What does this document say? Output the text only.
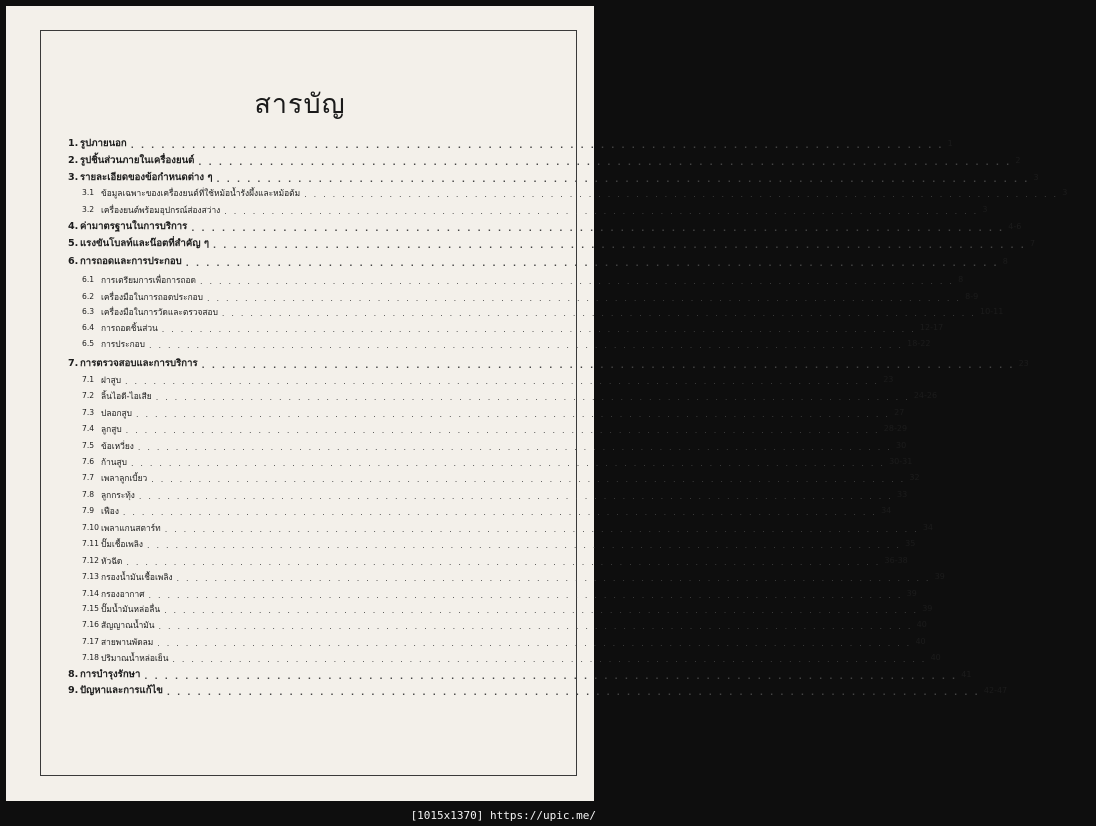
สารบัญ
1. รูปภายนอก . . . . . . . . . . . . . . . . . . . . . . . . . . . . . . . . . . . . . . . . . . . . . . . . . . . . . . . . . . . . . . . . . . . . . . . . . . . . . . . . 1
2. รูปชิ้นส่วนภายในเครื่องยนต์ . . . . . . . . . . . . . . . . . . . . . . . . . . . . . . . . . . . . . . . . . . . . . . . . . . . . . . . . . . . . . . . . . . . . . . . . . . . . . . . . 2
3. รายละเอียดของข้อกำหนดต่าง ๆ . . . . . . . . . . . . . . . . . . . . . . . . . . . . . . . . . . . . . . . . . . . . . . . . . . . . . . . . . . . . . . . . . . . . . . . . . . . . . . . . 3
3.1 ข้อมูลเฉพาะของเครื่องยนต์ที่ใช้หม้อน้ำรังผึ้งและหม้อต้ม . . . . . . . . . . . . . . . . . . . . . . . . . . . . . . . . . . . . . . . . . . . . . . . . . . . . . . . . . . . . . . . . . . . . . . . . . . . . . . . . 3
3.2 เครื่องยนต์พร้อมอุปกรณ์ส่องสว่าง . . . . . . . . . . . . . . . . . . . . . . . . . . . . . . . . . . . . . . . . . . . . . . . . . . . . . . . . . . . . . . . . . . . . . . . . . . . . . . . . 3
4. ค่ามาตรฐานในการบริการ . . . . . . . . . . . . . . . . . . . . . . . . . . . . . . . . . . . . . . . . . . . . . . . . . . . . . . . . . . . . . . . . . . . . . . . . . . . . . . . . 4-6
5. แรงขันโบลท์และน๊อตที่สำคัญ ๆ . . . . . . . . . . . . . . . . . . . . . . . . . . . . . . . . . . . . . . . . . . . . . . . . . . . . . . . . . . . . . . . . . . . . . . . . . . . . . . . . 7
6. การถอดและการประกอบ . . . . . . . . . . . . . . . . . . . . . . . . . . . . . . . . . . . . . . . . . . . . . . . . . . . . . . . . . . . . . . . . . . . . . . . . . . . . . . . . 8
6.1 การเตรียมการเพื่อการถอด . . . . . . . . . . . . . . . . . . . . . . . . . . . . . . . . . . . . . . . . . . . . . . . . . . . . . . . . . . . . . . . . . . . . . . . . . . . . . . . . 8
6.2 เครื่องมือในการถอดประกอบ . . . . . . . . . . . . . . . . . . . . . . . . . . . . . . . . . . . . . . . . . . . . . . . . . . . . . . . . . . . . . . . . . . . . . . . . . . . . . . . . 8-9
6.3 เครื่องมือในการวัดและตรวจสอบ . . . . . . . . . . . . . . . . . . . . . . . . . . . . . . . . . . . . . . . . . . . . . . . . . . . . . . . . . . . . . . . . . . . . . . . . . . . . . . . . 10-11
6.4 การถอดชิ้นส่วน . . . . . . . . . . . . . . . . . . . . . . . . . . . . . . . . . . . . . . . . . . . . . . . . . . . . . . . . . . . . . . . . . . . . . . . . . . . . . . . . 12-17
6.5 การประกอบ . . . . . . . . . . . . . . . . . . . . . . . . . . . . . . . . . . . . . . . . . . . . . . . . . . . . . . . . . . . . . . . . . . . . . . . . . . . . . . . . 18-22
7. การตรวจสอบและการบริการ . . . . . . . . . . . . . . . . . . . . . . . . . . . . . . . . . . . . . . . . . . . . . . . . . . . . . . . . . . . . . . . . . . . . . . . . . . . . . . . . 23
7.1 ฝาสูบ . . . . . . . . . . . . . . . . . . . . . . . . . . . . . . . . . . . . . . . . . . . . . . . . . . . . . . . . . . . . . . . . . . . . . . . . . . . . . . . . 23
7.2 ลิ้นไอดี-ไอเสีย . . . . . . . . . . . . . . . . . . . . . . . . . . . . . . . . . . . . . . . . . . . . . . . . . . . . . . . . . . . . . . . . . . . . . . . . . . . . . . . . 24-26
7.3 ปลอกสูบ . . . . . . . . . . . . . . . . . . . . . . . . . . . . . . . . . . . . . . . . . . . . . . . . . . . . . . . . . . . . . . . . . . . . . . . . . . . . . . . . 27
7.4 ลูกสูบ . . . . . . . . . . . . . . . . . . . . . . . . . . . . . . . . . . . . . . . . . . . . . . . . . . . . . . . . . . . . . . . . . . . . . . . . . . . . . . . . 28-29
7.5 ข้อเหวี่ยง . . . . . . . . . . . . . . . . . . . . . . . . . . . . . . . . . . . . . . . . . . . . . . . . . . . . . . . . . . . . . . . . . . . . . . . . . . . . . . . . 30
7.6 ก้านสูบ . . . . . . . . . . . . . . . . . . . . . . . . . . . . . . . . . . . . . . . . . . . . . . . . . . . . . . . . . . . . . . . . . . . . . . . . . . . . . . . . 30-31
7.7 เพลาลูกเบี้ยว . . . . . . . . . . . . . . . . . . . . . . . . . . . . . . . . . . . . . . . . . . . . . . . . . . . . . . . . . . . . . . . . . . . . . . . . . . . . . . . . 32
7.8 ลูกกระทุ้ง . . . . . . . . . . . . . . . . . . . . . . . . . . . . . . . . . . . . . . . . . . . . . . . . . . . . . . . . . . . . . . . . . . . . . . . . . . . . . . . . 33
7.9 เฟือง . . . . . . . . . . . . . . . . . . . . . . . . . . . . . . . . . . . . . . . . . . . . . . . . . . . . . . . . . . . . . . . . . . . . . . . . . . . . . . . . 34
7.10 เพลาแกนสตาร์ท . . . . . . . . . . . . . . . . . . . . . . . . . . . . . . . . . . . . . . . . . . . . . . . . . . . . . . . . . . . . . . . . . . . . . . . . . . . . . . . . 34
7.11 ปั๊มเชื้อเพลิง . . . . . . . . . . . . . . . . . . . . . . . . . . . . . . . . . . . . . . . . . . . . . . . . . . . . . . . . . . . . . . . . . . . . . . . . . . . . . . . . 35
7.12 หัวฉีด . . . . . . . . . . . . . . . . . . . . . . . . . . . . . . . . . . . . . . . . . . . . . . . . . . . . . . . . . . . . . . . . . . . . . . . . . . . . . . . . 36-38
7.13 กรองน้ำมันเชื้อเพลิง . . . . . . . . . . . . . . . . . . . . . . . . . . . . . . . . . . . . . . . . . . . . . . . . . . . . . . . . . . . . . . . . . . . . . . . . . . . . . . . . 39
7.14 กรองอากาศ . . . . . . . . . . . . . . . . . . . . . . . . . . . . . . . . . . . . . . . . . . . . . . . . . . . . . . . . . . . . . . . . . . . . . . . . . . . . . . . . 39
7.15 ปั๊มน้ำมันหล่อลื่น . . . . . . . . . . . . . . . . . . . . . . . . . . . . . . . . . . . . . . . . . . . . . . . . . . . . . . . . . . . . . . . . . . . . . . . . . . . . . . . . 39
7.16 สัญญาณน้ำมัน . . . . . . . . . . . . . . . . . . . . . . . . . . . . . . . . . . . . . . . . . . . . . . . . . . . . . . . . . . . . . . . . . . . . . . . . . . . . . . . . 40
7.17 สายพานพัดลม . . . . . . . . . . . . . . . . . . . . . . . . . . . . . . . . . . . . . . . . . . . . . . . . . . . . . . . . . . . . . . . . . . . . . . . . . . . . . . . . 40
7.18 ปริมาณน้ำหล่อเย็น . . . . . . . . . . . . . . . . . . . . . . . . . . . . . . . . . . . . . . . . . . . . . . . . . . . . . . . . . . . . . . . . . . . . . . . . . . . . . . . . 40
8. การบำรุงรักษา . . . . . . . . . . . . . . . . . . . . . . . . . . . . . . . . . . . . . . . . . . . . . . . . . . . . . . . . . . . . . . . . . . . . . . . . . . . . . . . . 41
9. ปัญหาและการแก้ไข . . . . . . . . . . . . . . . . . . . . . . . . . . . . . . . . . . . . . . . . . . . . . . . . . . . . . . . . . . . . . . . . . . . . . . . . . . . . . . . . 42-47
[1015x1370] https://upic.me/
